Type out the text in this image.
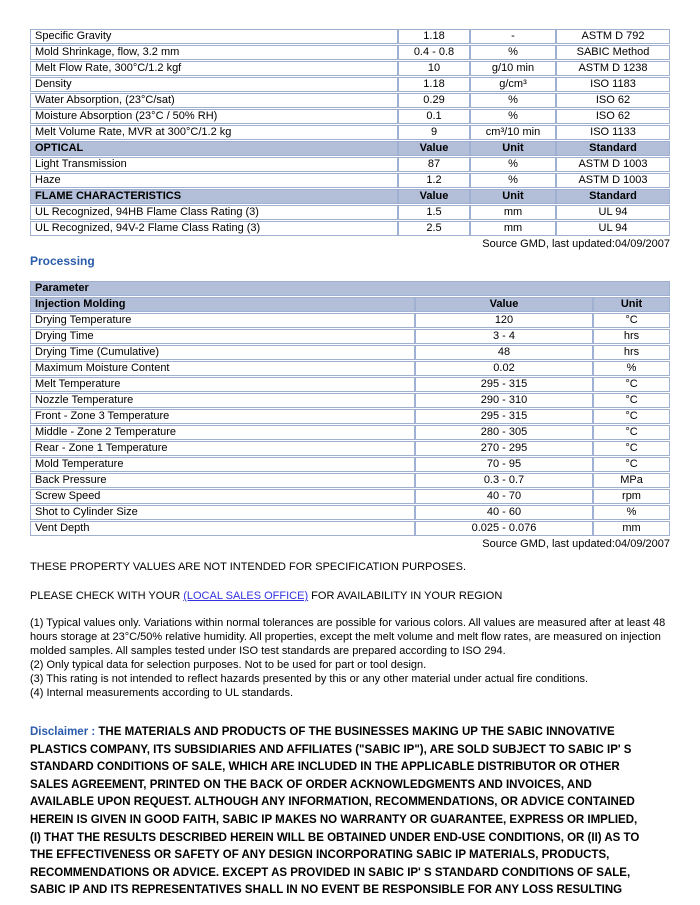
Specific Gravity	1.18	-	ASTM D 792
Mold Shrinkage, flow, 3.2 mm	0.4 - 0.8	%	SABIC Method
Melt Flow Rate, 300°C/1.2 kgf	10	g/10 min	ASTM D 1238
Density	1.18	g/cm³	ISO 1183
Water Absorption, (23°C/sat)	0.29	%	ISO 62
Moisture Absorption (23°C / 50% RH)	0.1	%	ISO 62
Melt Volume Rate, MVR at 300°C/1.2 kg	9	cm³/10 min	ISO 1133
OPTICAL	Value	Unit	Standard
Light Transmission	87	%	ASTM D 1003
Haze	1.2	%	ASTM D 1003
FLAME CHARACTERISTICS	Value	Unit	Standard
UL Recognized, 94HB Flame Class Rating (3)	1.5	mm	UL 94
UL Recognized, 94V-2 Flame Class Rating (3)	2.5	mm	UL 94
Source GMD, last updated:04/09/2007
Processing
Parameter		
Injection Molding	Value	Unit
Drying Temperature	120	°C
Drying Time	3 - 4	hrs
Drying Time (Cumulative)	48	hrs
Maximum Moisture Content	0.02	%
Melt Temperature	295 - 315	°C
Nozzle Temperature	290 - 310	°C
Front - Zone 3 Temperature	295 - 315	°C
Middle - Zone 2 Temperature	280 - 305	°C
Rear - Zone 1 Temperature	270 - 295	°C
Mold Temperature	70 - 95	°C
Back Pressure	0.3 - 0.7	MPa
Screw Speed	40 - 70	rpm
Shot to Cylinder Size	40 - 60	%
Vent Depth	0.025 - 0.076	mm
Source GMD, last updated:04/09/2007
THESE PROPERTY VALUES ARE NOT INTENDED FOR SPECIFICATION PURPOSES.
PLEASE CHECK WITH YOUR (LOCAL SALES OFFICE) FOR AVAILABILITY IN YOUR REGION

(1) Typical values only. Variations within normal tolerances are possible for various colors. All values are measured after at least 48 hours storage at 23°C/50% relative humidity. All properties, except the melt volume and melt flow rates, are measured on injection molded samples. All samples tested under ISO test standards are prepared according to ISO 294.

(2) Only typical data for selection purposes. Not to be used for part or tool design.

(3) This rating is not intended to reflect hazards presented by this or any other material under actual fire conditions.

(4) Internal measurements according to UL standards.

Disclaimer : THE MATERIALS AND PRODUCTS OF THE BUSINESSES MAKING UP THE SABIC INNOVATIVE PLASTICS COMPANY, ITS SUBSIDIARIES AND AFFILIATES ("SABIC IP"), ARE SOLD SUBJECT TO SABIC IP' S STANDARD CONDITIONS OF SALE, WHICH ARE INCLUDED IN THE APPLICABLE DISTRIBUTOR OR OTHER SALES AGREEMENT, PRINTED ON THE BACK OF ORDER ACKNOWLEDGMENTS AND INVOICES, AND AVAILABLE UPON REQUEST. ALTHOUGH ANY INFORMATION, RECOMMENDATIONS, OR ADVICE CONTAINED HEREIN IS GIVEN IN GOOD FAITH, SABIC IP MAKES NO WARRANTY OR GUARANTEE, EXPRESS OR IMPLIED, (I) THAT THE RESULTS DESCRIBED HEREIN WILL BE OBTAINED UNDER END-USE CONDITIONS, OR (II) AS TO THE EFFECTIVENESS OR SAFETY OF ANY DESIGN INCORPORATING SABIC IP MATERIALS, PRODUCTS, RECOMMENDATIONS OR ADVICE. EXCEPT AS PROVIDED IN SABIC IP' S STANDARD CONDITIONS OF SALE, SABIC IP AND ITS REPRESENTATIVES SHALL IN NO EVENT BE RESPONSIBLE FOR ANY LOSS RESULTING
